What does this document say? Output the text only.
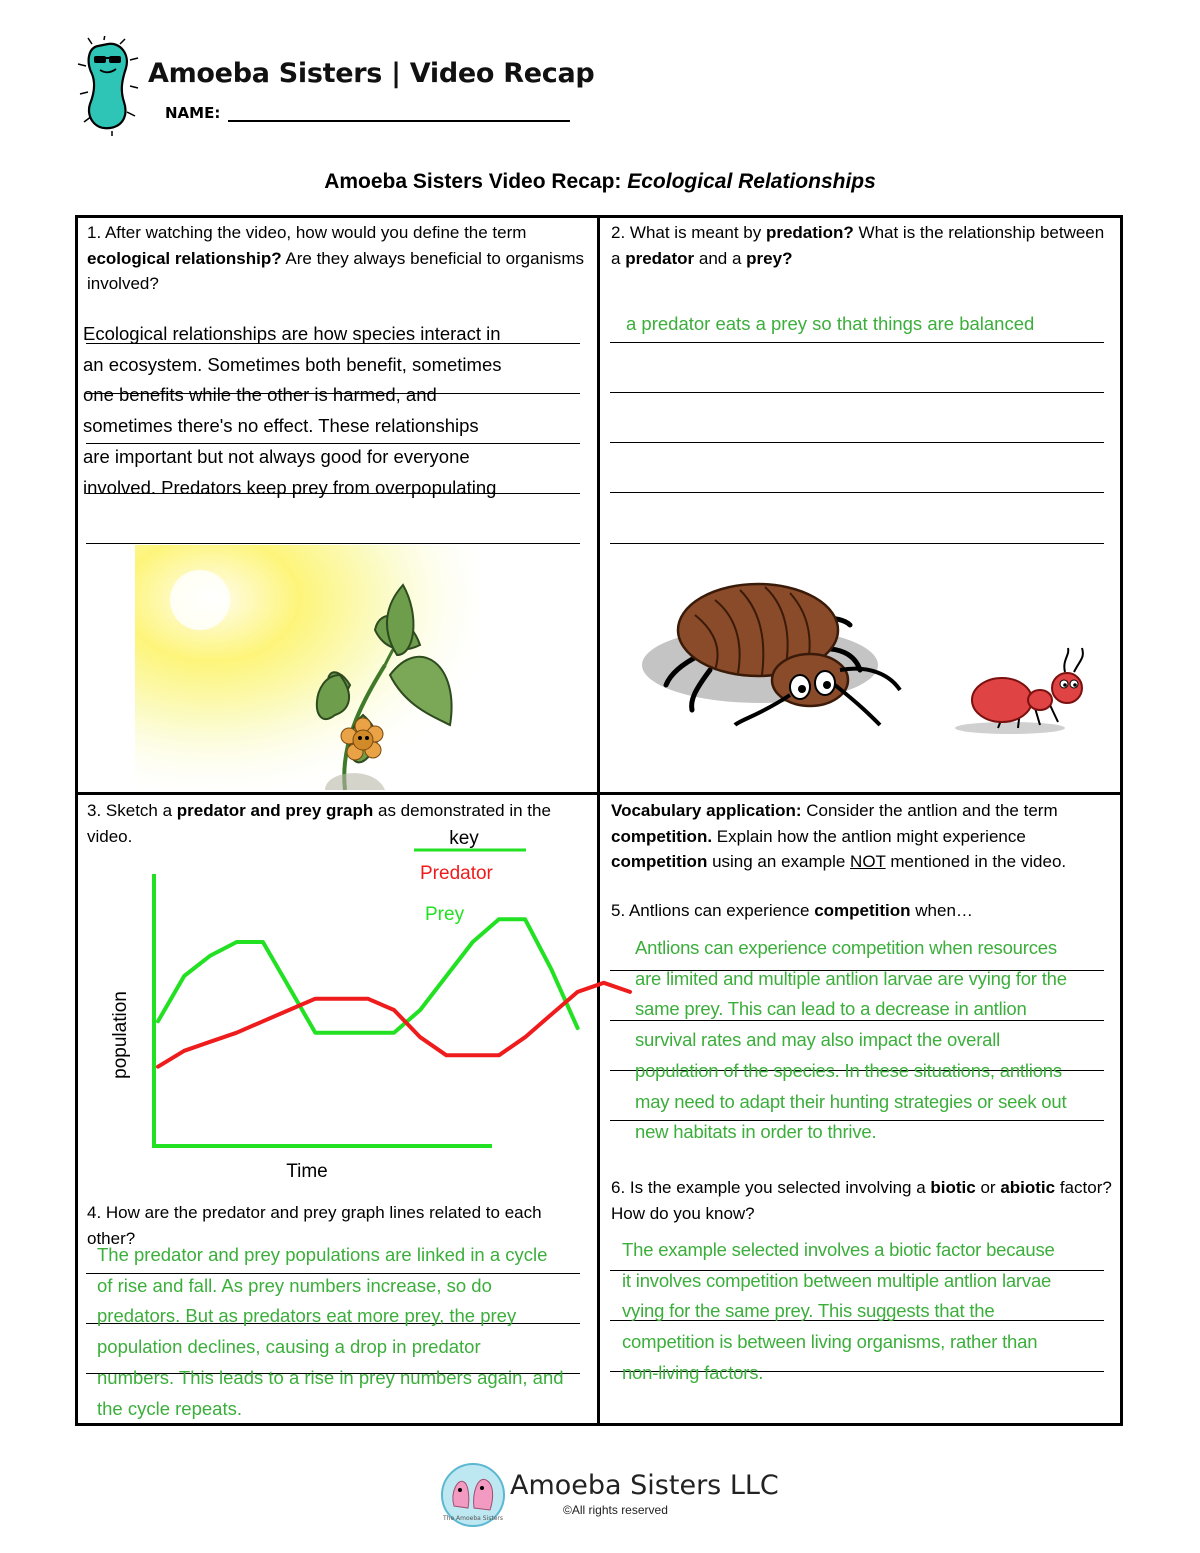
Amoeba Sisters | Video Recap
NAME:
Amoeba Sisters Video Recap: Ecological Relationships
1. After watching the video, how would you define the term ecological relationship? Are they always beneficial to organisms involved?
Ecological relationships are how species interact in
an ecosystem. Sometimes both benefit, sometimes
one benefits while the other is harmed, and
sometimes there's no effect. These relationships
are important but not always good for everyone
involved. Predators keep prey from overpopulating
2. What is meant by predation? What is the relationship between a predator and a prey?
a predator eats a prey so that things are balanced
3. Sketch a predator and prey graph as demonstrated in the video.	key
Predator
Prey
population
Time
4. How are the predator and prey graph lines related to each other?
The predator and prey populations are linked in a cycle
of rise and fall. As prey numbers increase, so do
predators. But as predators eat more prey, the prey
population declines, causing a drop in predator
numbers. This leads to a rise in prey numbers again, and
the cycle repeats.
Vocabulary application: Consider the antlion and the term competition. Explain how the antlion might experience competition using an example NOT mentioned in the video.
5. Antlions can experience competition when…
Antlions can experience competition when resources
are limited and multiple antlion larvae are vying for the
same prey. This can lead to a decrease in antlion
survival rates and may also impact the overall
population of the species. In these situations, antlions
may need to adapt their hunting strategies or seek out
new habitats in order to thrive.
6. Is the example you selected involving a biotic or abiotic factor? How do you know?
The example selected involves a biotic factor because
it involves competition between multiple antlion larvae
vying for the same prey. This suggests that the
competition is between living organisms, rather than
non-living factors.
The Amoeba Sisters
Amoeba Sisters LLC
©All rights reserved
